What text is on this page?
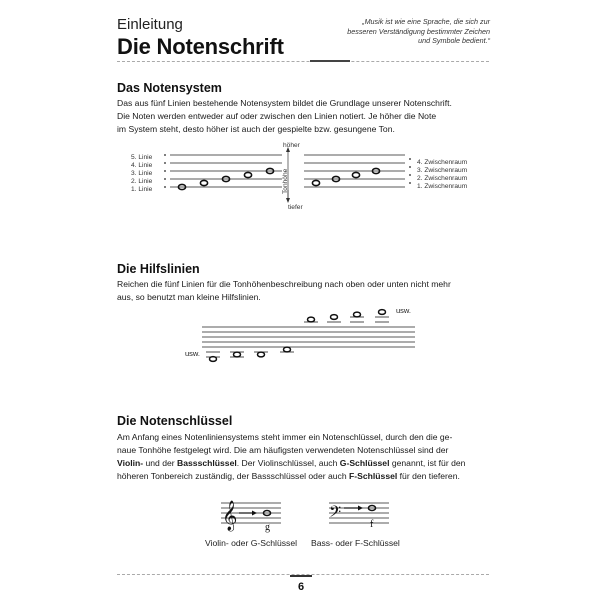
Einleitung
Die Notenschrift
„Musik ist wie eine Sprache, die sich zur besseren Verständigung bestimmter Zeichen und Symbole bedient.“
Das Notensystem
Das aus fünf Linien bestehende Notensystem bildet die Grundlage unserer Notenschrift.
Die Noten werden entweder auf oder zwischen den Linien notiert. Je höher die Note
im System steht, desto höher ist auch der gespielte bzw. gesungene Ton.
5. Linie
4. Linie
3. Linie
2. Linie
1. Linie
4. Zwischenraum
3. Zwischenraum
2. Zwischenraum
1. Zwischenraum
höher
Tonhöhe
tiefer
Die Hilfslinien
Reichen die fünf Linien für die Tonhöhenbeschreibung nach oben oder unten nicht mehr
aus, so benutzt man kleine Hilfslinien.
usw.
usw.
Die Notenschlüssel
Am Anfang eines Notenliniensystems steht immer ein Notenschlüssel, durch den die ge-
naue Tonhöhe festgelegt wird. Die am häufigsten verwendeten Notenschlüssel sind der
Violin- und der Bassschlüssel. Der Violinschlüssel, auch G-Schlüssel genannt, ist für den
höheren Tonbereich zuständig, der Bassschlüssel oder auch F-Schlüssel für den tieferen.
𝄞	g
𝄢	f
Violin- oder G-Schlüssel Bass- oder F-Schlüssel
6
